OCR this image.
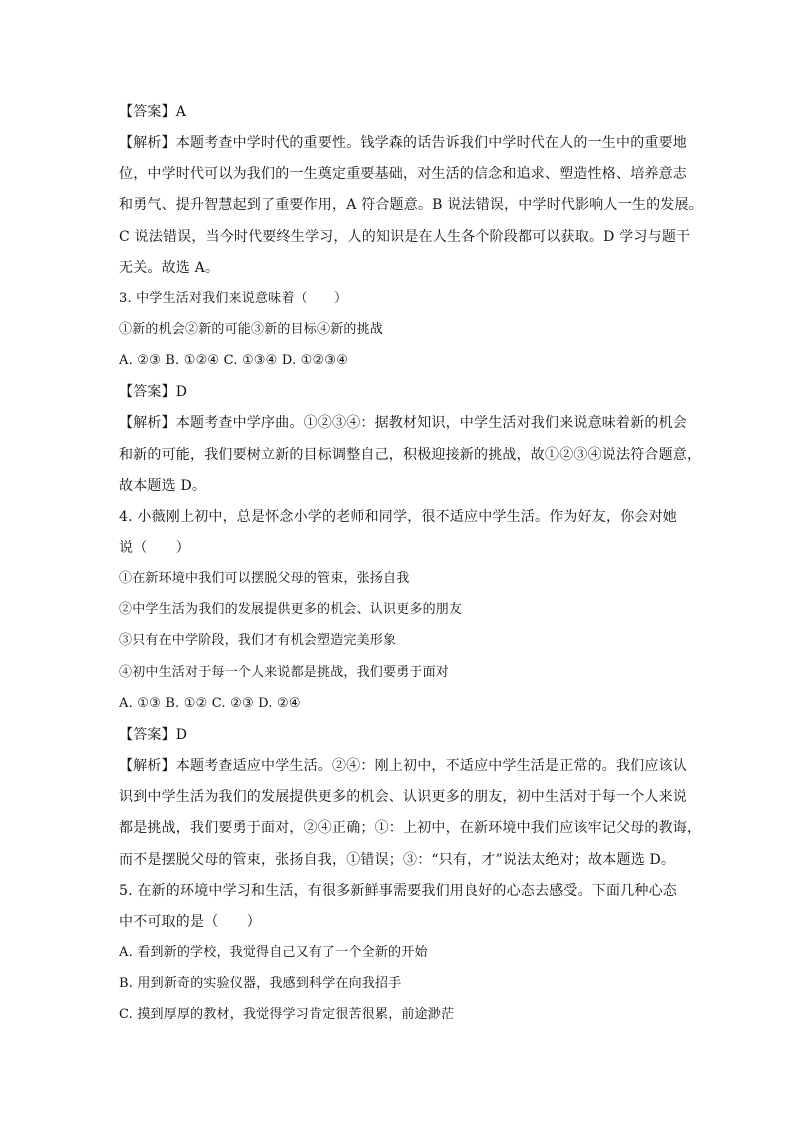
【答案】A
【解析】本题考查中学时代的重要性。钱学森的话告诉我们中学时代在人的一生中的重要地
位，中学时代可以为我们的一生奠定重要基础，对生活的信念和追求、塑造性格、培养意志
和勇气、提升智慧起到了重要作用，A 符合题意。B 说法错误，中学时代影响人一生的发展。
C 说法错误，当今时代要终生学习，人的知识是在人生各个阶段都可以获取。D 学习与题干
无关。故选 A。
3. 中学生活对我们来说意味着（　　）
①新的机会②新的可能③新的目标④新的挑战
A. ②③ B. ①②④ C. ①③④ D. ①②③④
【答案】D
【解析】本题考查中学序曲。①②③④：据教材知识，中学生活对我们来说意味着新的机会
和新的可能，我们要树立新的目标调整自己，积极迎接新的挑战，故①②③④说法符合题意，
故本题选 D。
4. 小薇刚上初中，总是怀念小学的老师和同学，很不适应中学生活。作为好友，你会对她
说（　　）
①在新环境中我们可以摆脱父母的管束，张扬自我
②中学生活为我们的发展提供更多的机会、认识更多的朋友
③只有在中学阶段，我们才有机会塑造完美形象
④初中生活对于每一个人来说都是挑战，我们要勇于面对
A. ①③ B. ①② C. ②③ D. ②④
【答案】D
【解析】本题考查适应中学生活。②④：刚上初中，不适应中学生活是正常的。我们应该认
识到中学生活为我们的发展提供更多的机会、认识更多的朋友，初中生活对于每一个人来说
都是挑战，我们要勇于面对，②④正确；①：上初中，在新环境中我们应该牢记父母的教诲，
而不是摆脱父母的管束，张扬自我，①错误；③：“只有，才”说法太绝对；故本题选 D。
5. 在新的环境中学习和生活，有很多新鲜事需要我们用良好的心态去感受。下面几种心态
中不可取的是（　　）
A. 看到新的学校，我觉得自己又有了一个全新的开始
B. 用到新奇的实验仪器，我感到科学在向我招手
C. 摸到厚厚的教材，我觉得学习肯定很苦很累，前途渺茫
